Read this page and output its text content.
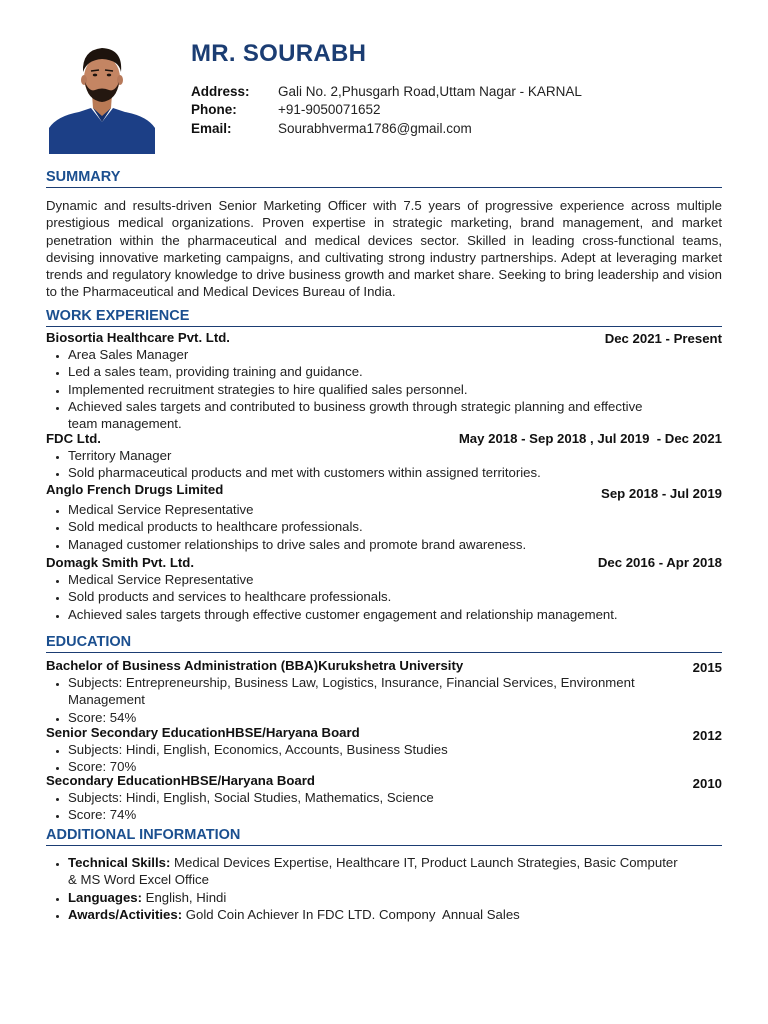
MR. SOURABH
Address:	Gali No. 2,Phusgarh Road,Uttam Nagar - KARNAL
Phone:	+91-9050071652
Email:	Sourabhverma1786@gmail.com
SUMMARY
Dynamic and results-driven Senior Marketing Officer with 7.5 years of progressive experience across multiple prestigious medical organizations. Proven expertise in strategic marketing, brand management, and market penetration within the pharmaceutical and medical devices sector. Skilled in leading cross-functional teams, devising innovative marketing campaigns, and cultivating strong industry partnerships. Adept at leveraging market trends and regulatory knowledge to drive business growth and market share. Seeking to bring leadership and vision to the Pharmaceutical and Medical Devices Bureau of India.
WORK EXPERIENCE
Biosortia Healthcare Pvt. Ltd.	Dec 2021 - Present
• Area Sales Manager
• Led a sales team, providing training and guidance.
• Implemented recruitment strategies to hire qualified sales personnel.
• Achieved sales targets and contributed to business growth through strategic planning and effective team management.
FDC Ltd.	May 2018 - Sep 2018 , Jul 2019  - Dec 2021
• Territory Manager
• Sold pharmaceutical products and met with customers within assigned territories.
Anglo French Drugs Limited	Sep 2018 - Jul 2019
• Medical Service Representative
• Sold medical products to healthcare professionals.
• Managed customer relationships to drive sales and promote brand awareness.
Domagk Smith Pvt. Ltd.	Dec 2016 - Apr 2018
• Medical Service Representative
• Sold products and services to healthcare professionals.
• Achieved sales targets through effective customer engagement and relationship management.
EDUCATION
Bachelor of Business Administration (BBA)Kurukshetra University	2015
• Subjects: Entrepreneurship, Business Law, Logistics, Insurance, Financial Services, Environment Management
• Score: 54%
Senior Secondary EducationHBSE/Haryana Board	2012
• Subjects: Hindi, English, Economics, Accounts, Business Studies
• Score: 70%
Secondary EducationHBSE/Haryana Board	2010
• Subjects: Hindi, English, Social Studies, Mathematics, Science
• Score: 74%
ADDITIONAL INFORMATION
• Technical Skills: Medical Devices Expertise, Healthcare IT, Product Launch Strategies, Basic Computer & MS Word Excel Office
• Languages: English, Hindi
• Awards/Activities: Gold Coin Achiever In FDC LTD. Compony  Annual Sales
